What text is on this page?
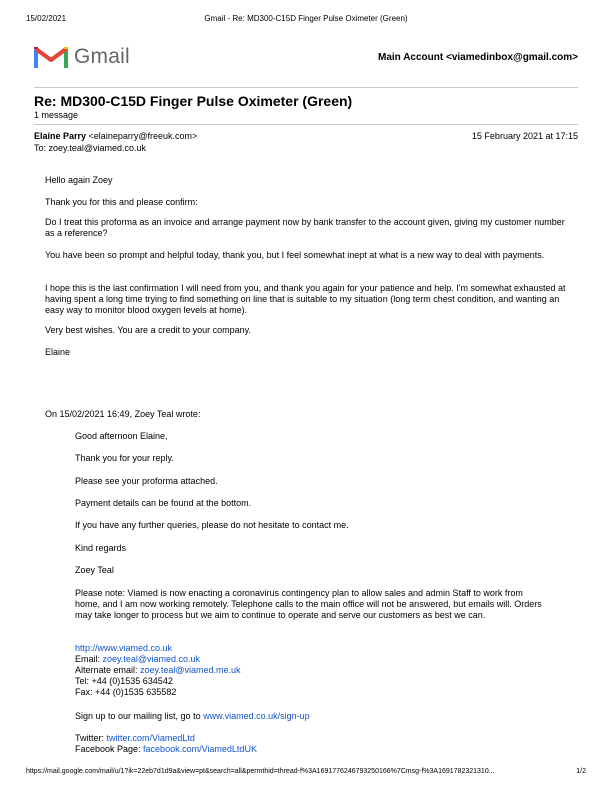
15/02/2021	Gmail - Re: MD300-C15D Finger Pulse Oximeter (Green)
Gmail	Main Account <viamedinbox@gmail.com>
Re: MD300-C15D Finger Pulse Oximeter (Green)
1 message
Elaine Parry <elaineparry@freeuk.com>	15 February 2021 at 17:15
To: zoey.teal@viamed.co.uk

Hello again Zoey

Thank you for this and please confirm:

Do I treat this proforma as an invoice and arrange payment now by bank transfer to the account given, giving my customer number as a reference?

You have been so prompt and helpful today, thank you, but I feel somewhat inept at what is a new way to deal with payments.

I hope this is the last confirmation I will need from you, and thank you again for your patience and help. I'm somewhat exhausted at having spent a long time trying to find something on line that is suitable to my situation (long term chest condition, and wanting an easy way to monitor blood oxygen levels at home).

Very best wishes. You are a credit to your company.

Elaine

On 15/02/2021 16:49, Zoey Teal wrote:

Good afternoon Elaine,

Thank you for your reply.

Please see your proforma attached.

Payment details can be found at the bottom.

If you have any further queries, please do not hesitate to contact me.

Kind regards

Zoey Teal

Please note: Viamed is now enacting a coronavirus contingency plan to allow sales and admin Staff to work from home, and I am now working remotely. Telephone calls to the main office will not be answered, but emails will. Orders may take longer to process but we aim to continue to operate and serve our customers as best we can.

http://www.viamed.co.uk

Email: zoey.teal@viamed.co.uk

Alternate email: zoey.teal@viamed.me.uk

Tel: +44 (0)1535 634542

Fax: +44 (0)1535 635582

Sign up to our mailing list, go to www.viamed.co.uk/sign-up

Twitter: twitter.com/ViamedLtd

Facebook Page: facebook.com/ViamedLtdUK

https://mail.google.com/mail/u/1?ik=22eb7d1d9a&view=pt&search=all&permthid=thread-f%3A1691776246793250166%7Cmsg-f%3A1691782321310...	1/2
